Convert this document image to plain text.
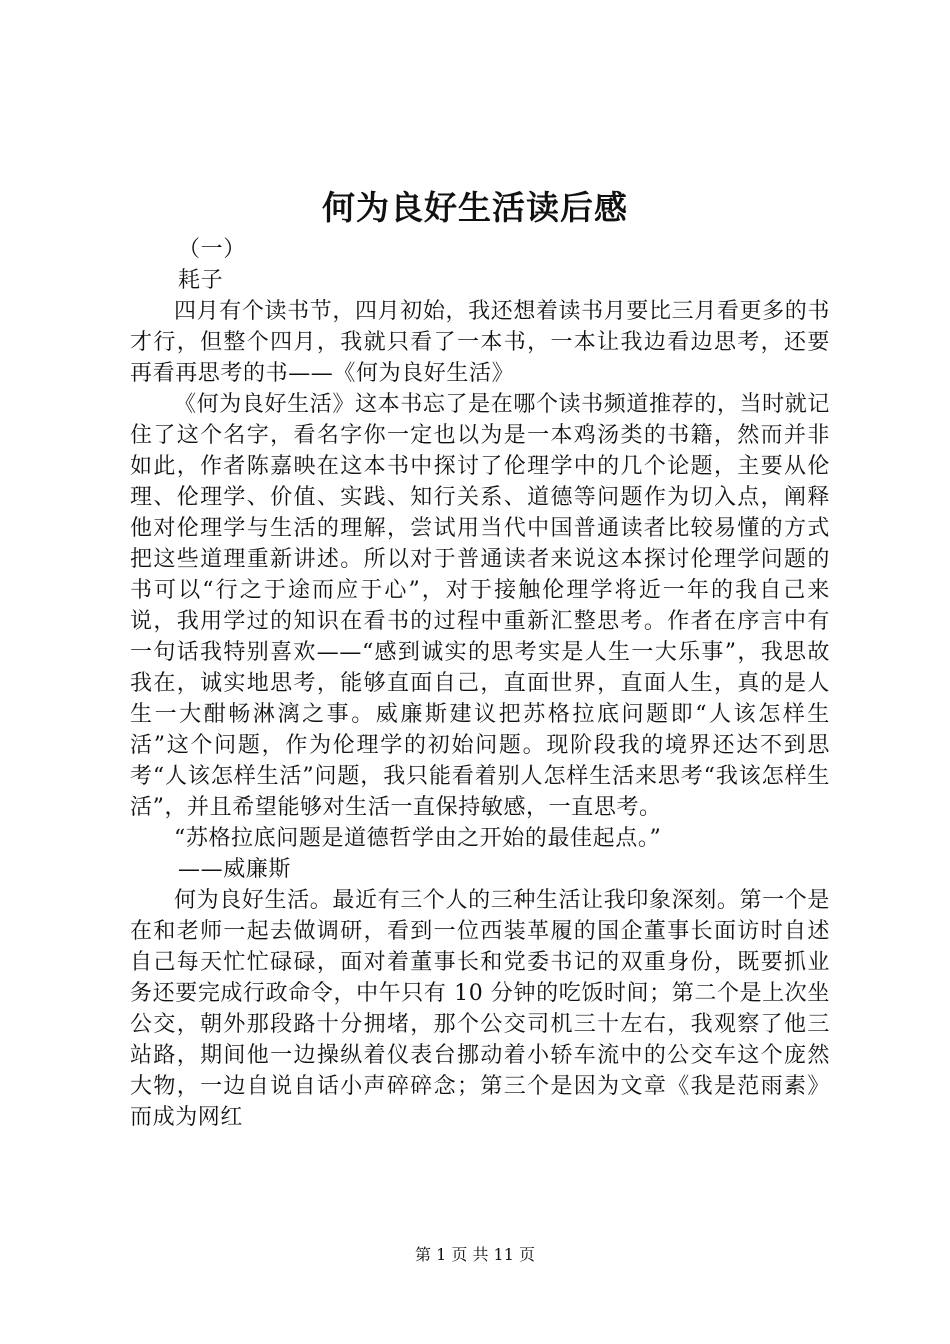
何为良好生活读后感

（一）

耗子

四月有个读书节，四月初始，我还想着读书月要比三月看更多的书才行，但整个四月，我就只看了一本书，一本让我边看边思考，还要再看再思考的书——《何为良好生活》

《何为良好生活》这本书忘了是在哪个读书频道推荐的，当时就记住了这个名字，看名字你一定也以为是一本鸡汤类的书籍，然而并非如此，作者陈嘉映在这本书中探讨了伦理学中的几个论题，主要从伦理、伦理学、价值、实践、知行关系、道德等问题作为切入点，阐释他对伦理学与生活的理解，尝试用当代中国普通读者比较易懂的方式把这些道理重新讲述。所以对于普通读者来说这本探讨伦理学问题的书可以“行之于途而应于心”，对于接触伦理学将近一年的我自己来说，我用学过的知识在看书的过程中重新汇整思考。作者在序言中有一句话我特别喜欢——“感到诚实的思考实是人生一大乐事”，我思故我在，诚实地思考，能够直面自己，直面世界，直面人生，真的是人生一大酣畅淋漓之事。威廉斯建议把苏格拉底问题即“人该怎样生活”这个问题，作为伦理学的初始问题。现阶段我的境界还达不到思考“人该怎样生活”问题，我只能看着别人怎样生活来思考“我该怎样生活”，并且希望能够对生活一直保持敏感，一直思考。

“苏格拉底问题是道德哲学由之开始的最佳起点。”

——威廉斯

何为良好生活。最近有三个人的三种生活让我印象深刻。第一个是在和老师一起去做调研，看到一位西装革履的国企董事长面访时自述自己每天忙忙碌碌，面对着董事长和党委书记的双重身份，既要抓业务还要完成行政命令，中午只有 10 分钟的吃饭时间；第二个是上次坐公交，朝外那段路十分拥堵，那个公交司机三十左右，我观察了他三站路，期间他一边操纵着仪表台挪动着小轿车流中的公交车这个庞然大物，一边自说自话小声碎碎念；第三个是因为文章《我是范雨素》而成为网红

第 1 页 共 11 页
